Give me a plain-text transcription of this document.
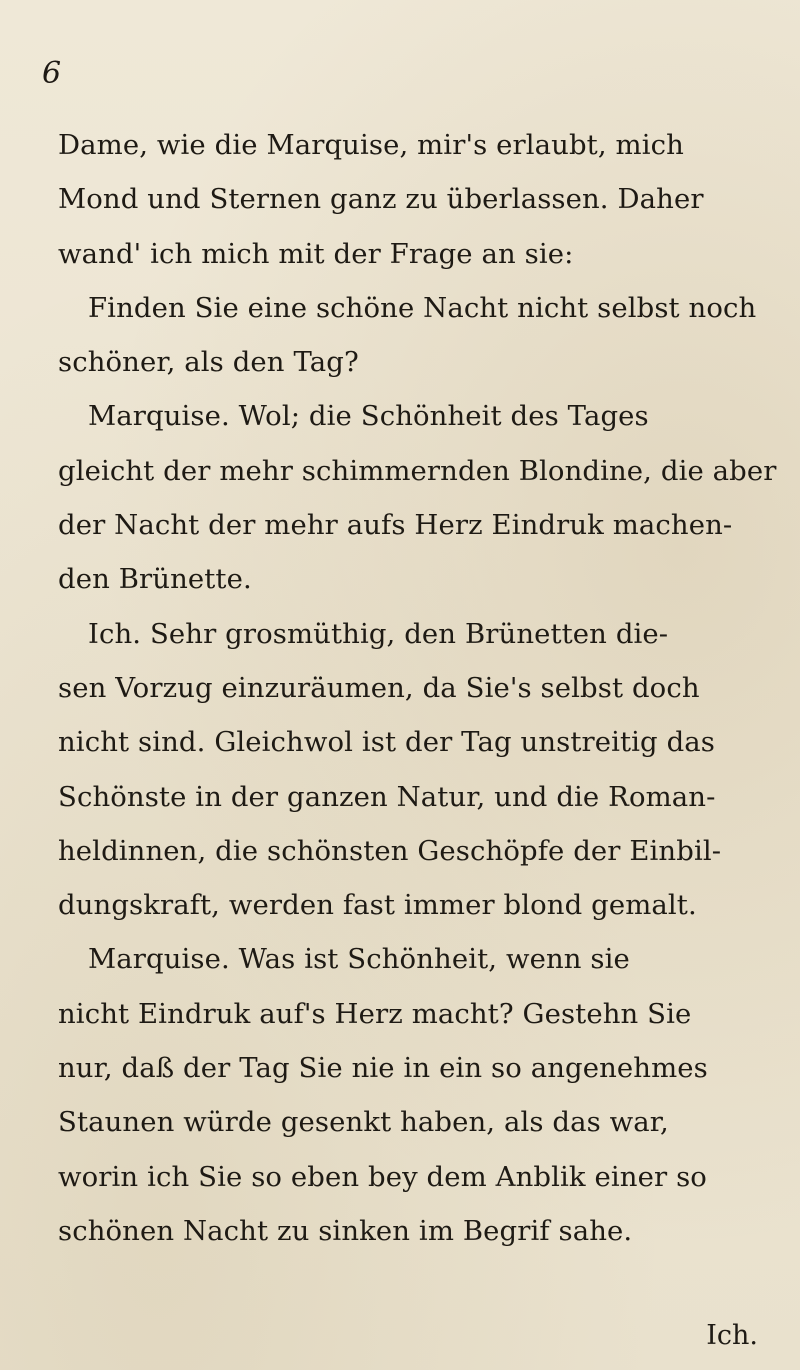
6
Dame, wie die Marquise, mir's erlaubt, mich
Mond und Sternen ganz zu überlassen. Daher
wand' ich mich mit der Frage an sie:
Finden Sie eine schöne Nacht nicht selbst noch
schöner, als den Tag?
Marquise. Wol; die Schönheit des Tages
gleicht der mehr schimmernden Blondine, die aber
der Nacht der mehr aufs Herz Eindruk machen-
den Brünette.
Ich. Sehr grosmüthig, den Brünetten die-
sen Vorzug einzuräumen, da Sie's selbst doch
nicht sind. Gleichwol ist der Tag unstreitig das
Schönste in der ganzen Natur, und die Roman-
heldinnen, die schönsten Geschöpfe der Einbil-
dungskraft, werden fast immer blond gemalt.
Marquise. Was ist Schönheit, wenn sie
nicht Eindruk auf's Herz macht? Gestehn Sie
nur, daß der Tag Sie nie in ein so angenehmes
Staunen würde gesenkt haben, als das war,
worin ich Sie so eben bey dem Anblik einer so
schönen Nacht zu sinken im Begrif sahe.
Ich.
